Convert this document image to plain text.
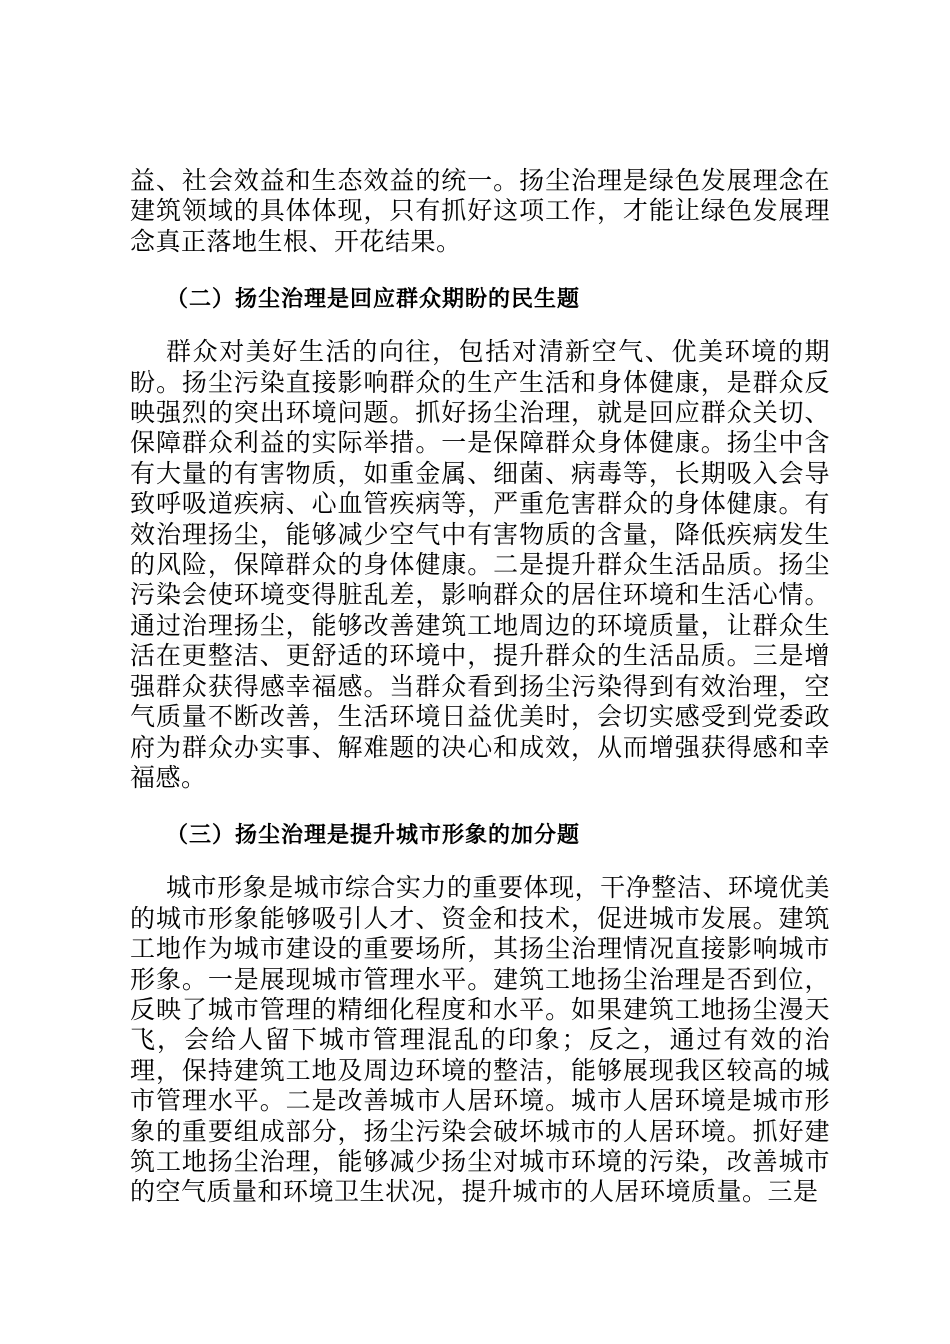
益、社会效益和生态效益的统一。扬尘治理是绿色发展理念在建筑领域的具体体现，只有抓好这项工作，才能让绿色发展理念真正落地生根、开花结果。

（二）扬尘治理是回应群众期盼的民生题

群众对美好生活的向往，包括对清新空气、优美环境的期盼。扬尘污染直接影响群众的生产生活和身体健康，是群众反映强烈的突出环境问题。抓好扬尘治理，就是回应群众关切、保障群众利益的实际举措。一是保障群众身体健康。扬尘中含有大量的有害物质，如重金属、细菌、病毒等，长期吸入会导致呼吸道疾病、心血管疾病等，严重危害群众的身体健康。有效治理扬尘，能够减少空气中有害物质的含量，降低疾病发生的风险，保障群众的身体健康。二是提升群众生活品质。扬尘污染会使环境变得脏乱差，影响群众的居住环境和生活心情。通过治理扬尘，能够改善建筑工地周边的环境质量，让群众生活在更整洁、更舒适的环境中，提升群众的生活品质。三是增强群众获得感幸福感。当群众看到扬尘污染得到有效治理，空气质量不断改善，生活环境日益优美时，会切实感受到党委政府为群众办实事、解难题的决心和成效，从而增强获得感和幸福感。

（三）扬尘治理是提升城市形象的加分题

城市形象是城市综合实力的重要体现，干净整洁、环境优美的城市形象能够吸引人才、资金和技术，促进城市发展。建筑工地作为城市建设的重要场所，其扬尘治理情况直接影响城市形象。一是展现城市管理水平。建筑工地扬尘治理是否到位，反映了城市管理的精细化程度和水平。如果建筑工地扬尘漫天飞，会给人留下城市管理混乱的印象；反之，通过有效的治理，保持建筑工地及周边环境的整洁，能够展现我区较高的城市管理水平。二是改善城市人居环境。城市人居环境是城市形象的重要组成部分，扬尘污染会破坏城市的人居环境。抓好建筑工地扬尘治理，能够减少扬尘对城市环境的污染，改善城市的空气质量和环境卫生状况，提升城市的人居环境质量。三是
